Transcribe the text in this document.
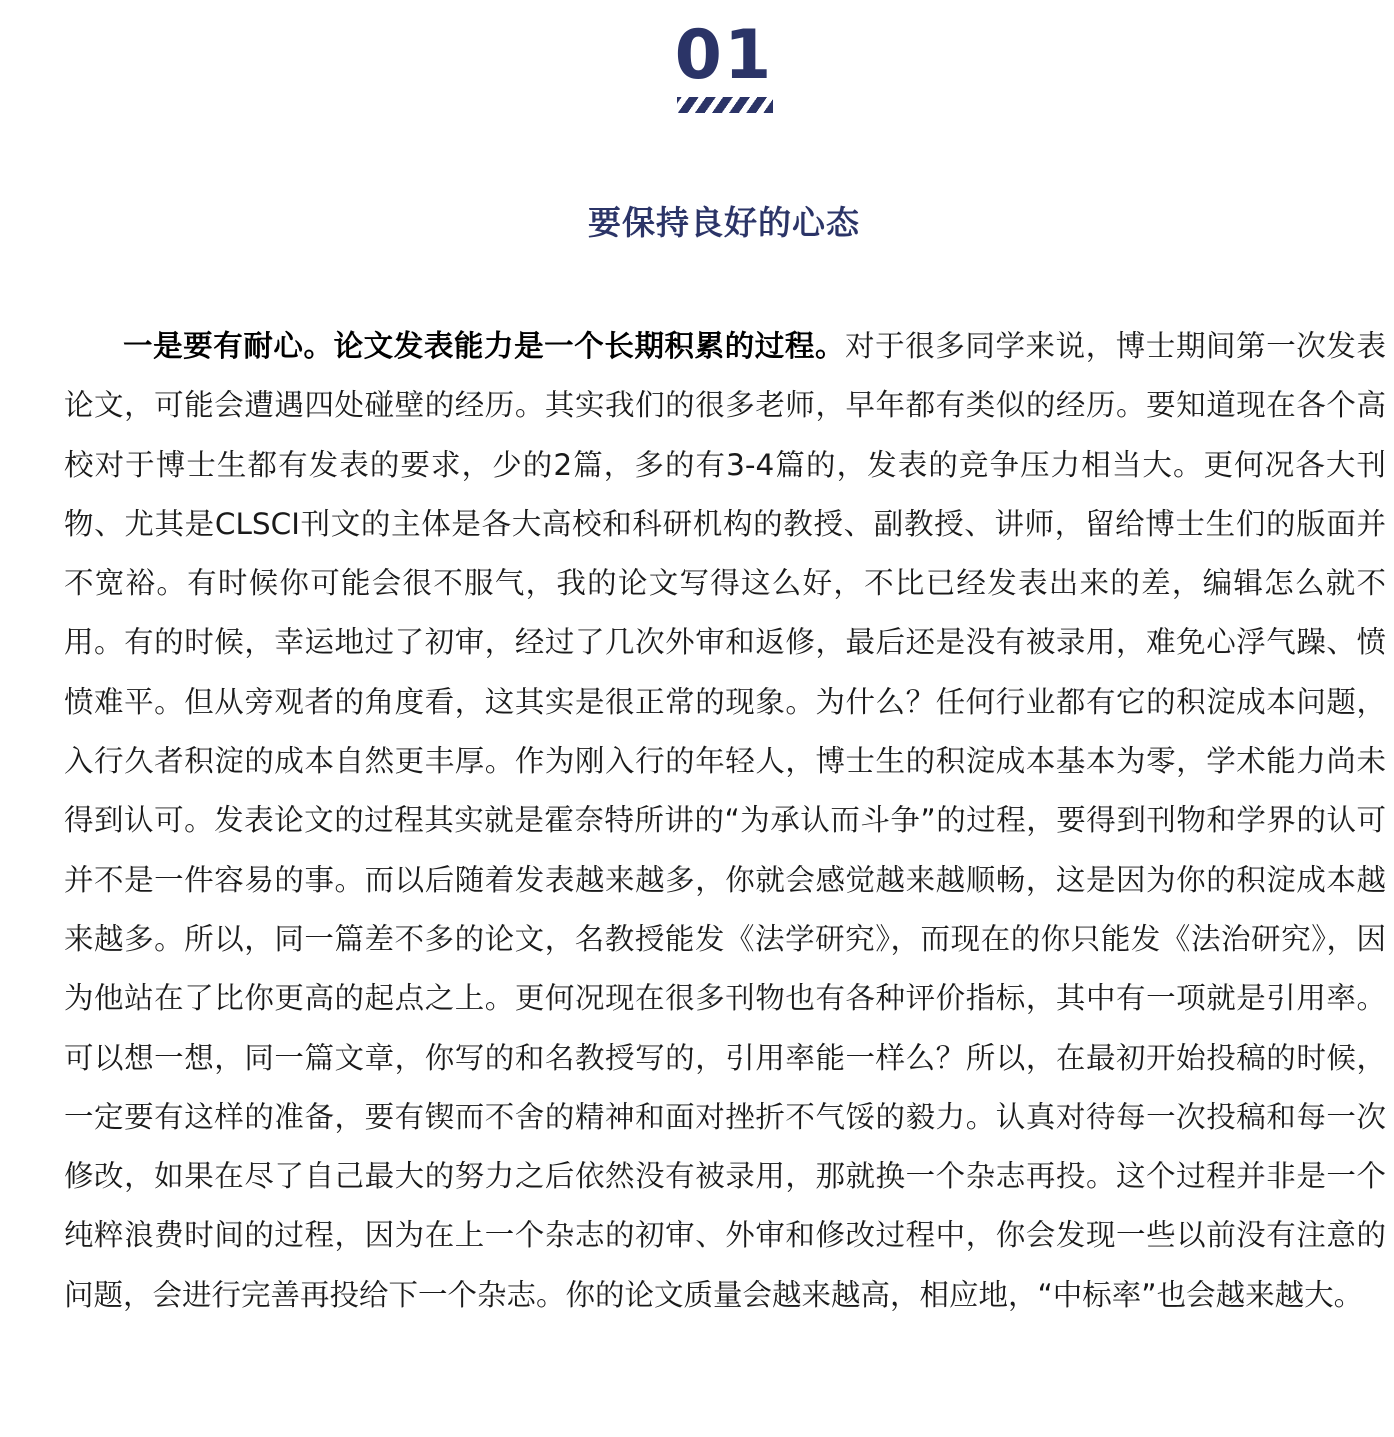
01
要保持良好的心态

一是要有耐心。论文发表能力是一个长期积累的过程。对于很多同学来说，博士期间第一次发表论文，可能会遭遇四处碰壁的经历。其实我们的很多老师，早年都有类似的经历。要知道现在各个高校对于博士生都有发表的要求，少的2篇，多的有3-4篇的，发表的竞争压力相当大。更何况各大刊物、尤其是CLSCI刊文的主体是各大高校和科研机构的教授、副教授、讲师，留给博士生们的版面并不宽裕。有时候你可能会很不服气，我的论文写得这么好，不比已经发表出来的差，编辑怎么就不用。有的时候，幸运地过了初审，经过了几次外审和返修，最后还是没有被录用，难免心浮气躁、愤愤难平。但从旁观者的角度看，这其实是很正常的现象。为什么？任何行业都有它的积淀成本问题，入行久者积淀的成本自然更丰厚。作为刚入行的年轻人，博士生的积淀成本基本为零，学术能力尚未得到认可。发表论文的过程其实就是霍奈特所讲的“为承认而斗争”的过程，要得到刊物和学界的认可并不是一件容易的事。而以后随着发表越来越多，你就会感觉越来越顺畅，这是因为你的积淀成本越来越多。所以，同一篇差不多的论文，名教授能发《法学研究》，而现在的你只能发《法治研究》，因为他站在了比你更高的起点之上。更何况现在很多刊物也有各种评价指标，其中有一项就是引用率。可以想一想，同一篇文章，你写的和名教授写的，引用率能一样么？所以，在最初开始投稿的时候，一定要有这样的准备，要有锲而不舍的精神和面对挫折不气馁的毅力。认真对待每一次投稿和每一次修改，如果在尽了自己最大的努力之后依然没有被录用，那就换一个杂志再投。这个过程并非是一个纯粹浪费时间的过程，因为在上一个杂志的初审、外审和修改过程中，你会发现一些以前没有注意的问题，会进行完善再投给下一个杂志。你的论文质量会越来越高，相应地，“中标率”也会越来越大。
